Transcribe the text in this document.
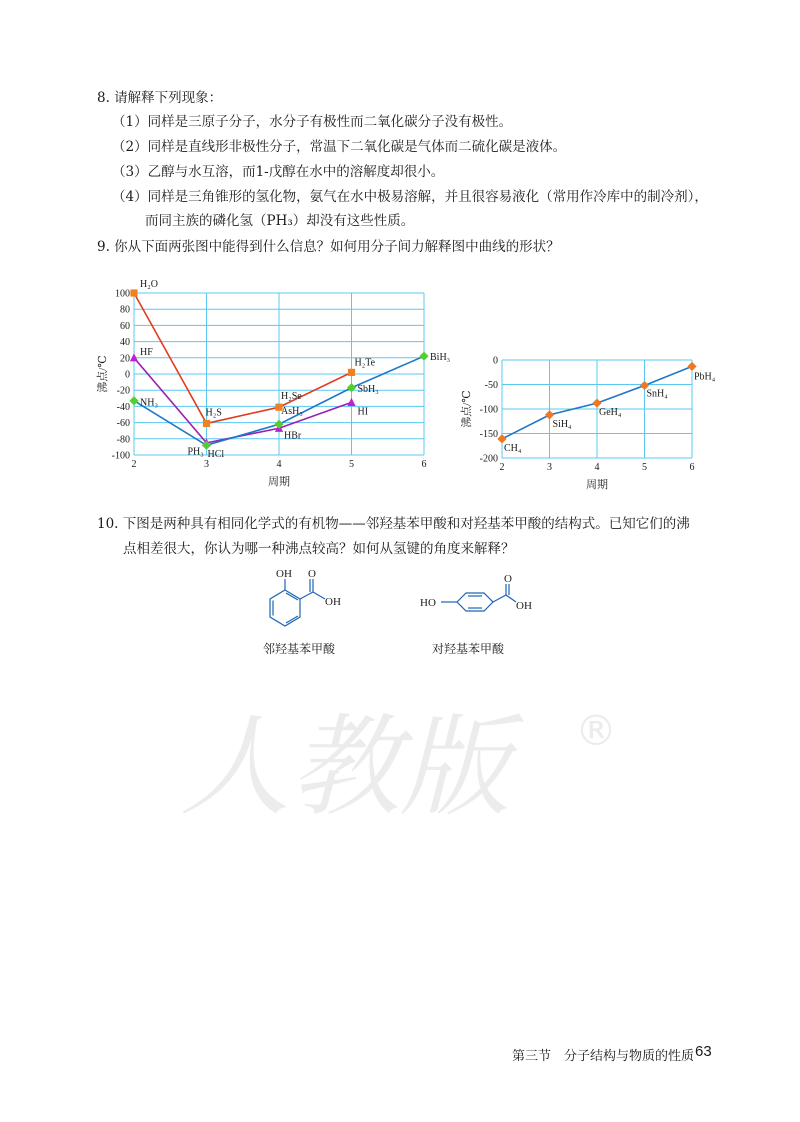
8. 请解释下列现象：
（1）同样是三原子分子，水分子有极性而二氧化碳分子没有极性。
（2）同样是直线形非极性分子，常温下二氧化碳是气体而二硫化碳是液体。
（3）乙醇与水互溶，而1-戊醇在水中的溶解度却很小。
（4）同样是三角锥形的氢化物，氨气在水中极易溶解，并且很容易液化（常用作冷库中的制冷剂），
而同主族的磷化氢（PH₃）却没有这些性质。
9. 你从下面两张图中能得到什么信息？如何用分子间力解释图中曲线的形状？
2	3	4	5	6
100
80
60
40
20
0
-20
-40
-60
-80
-100
周期
沸点/℃
H₂O
H₂S
H₂Se
H₂Te
HF
HCl
HBr
HI
NH₃
PH₃
AsH₃
SbH₃
BiH₃
2	3	4	5	6
0
-50
-100
-150
-200
周期
沸点/℃
CH₄
SiH₄
GeH₄
SnH₄
PbH₄
10. 下图是两种具有相同化学式的有机物——邻羟基苯甲酸和对羟基苯甲酸的结构式。已知它们的沸
点相差很大，你认为哪一种沸点较高？如何从氢键的角度来解释？
OH O
OH
邻羟基苯甲酸
HO
O
OH
对羟基苯甲酸
人教版	®
第三节　分子结构与物质的性质 63
